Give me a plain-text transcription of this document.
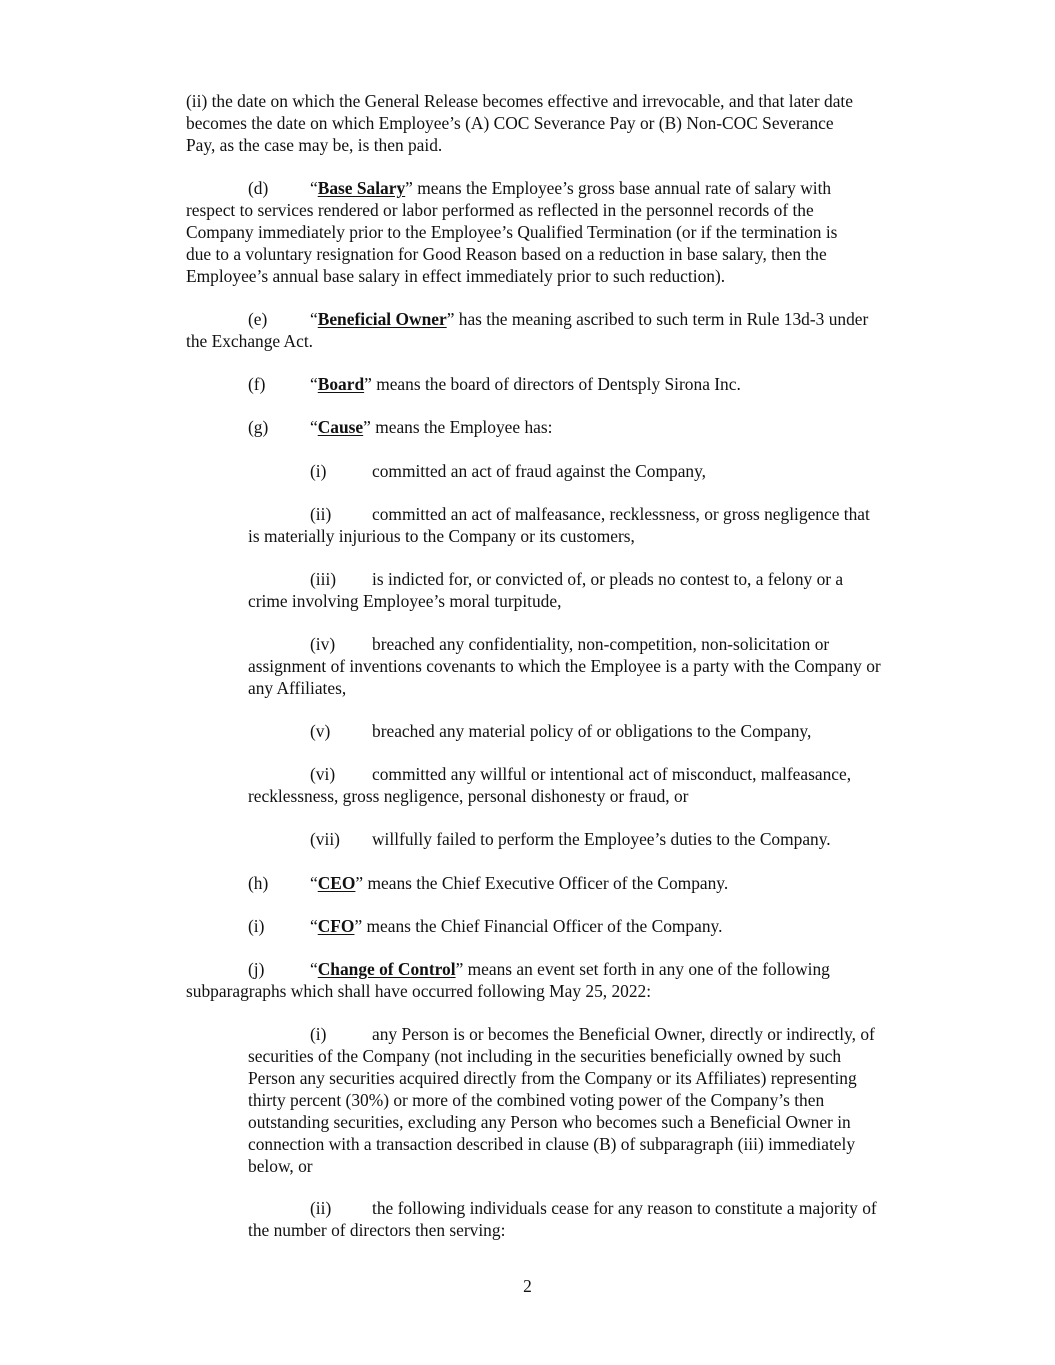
(ii) the date on which the General Release becomes effective and irrevocable, and that later date
becomes the date on which Employee’s (A) COC Severance Pay or (B) Non-COC Severance
Pay, as the case may be, is then paid.
(d) “Base Salary” means the Employee’s gross base annual rate of salary with
respect to services rendered or labor performed as reflected in the personnel records of the
Company immediately prior to the Employee’s Qualified Termination (or if the termination is
due to a voluntary resignation for Good Reason based on a reduction in base salary, then the
Employee’s annual base salary in effect immediately prior to such reduction).
(e) “Beneficial Owner” has the meaning ascribed to such term in Rule 13d-3 under
the Exchange Act.
(f)	“Board” means the board of directors of Dentsply Sirona Inc.
(g) “Cause” means the Employee has:
(i)	committed an act of fraud against the Company,
(ii) committed an act of malfeasance, recklessness, or gross negligence that
is materially injurious to the Company or its customers,
(iii) is indicted for, or convicted of, or pleads no contest to, a felony or a
crime involving Employee’s moral turpitude,
(iv) breached any confidentiality, non-competition, non-solicitation or
assignment of inventions covenants to which the Employee is a party with the Company or
any Affiliates,
(v) breached any material policy of or obligations to the Company,
(vi) committed any willful or intentional act of misconduct, malfeasance,
recklessness, gross negligence, personal dishonesty or fraud, or
(vii) willfully failed to perform the Employee’s duties to the Company.
(h) “CEO” means the Chief Executive Officer of the Company.
(i)	“CFO” means the Chief Financial Officer of the Company.
(j)	“Change of Control” means an event set forth in any one of the following
subparagraphs which shall have occurred following May 25, 2022:
(i)	any Person is or becomes the Beneficial Owner, directly or indirectly, of
securities of the Company (not including in the securities beneficially owned by such
Person any securities acquired directly from the Company or its Affiliates) representing
thirty percent (30%) or more of the combined voting power of the Company’s then
outstanding securities, excluding any Person who becomes such a Beneficial Owner in
connection with a transaction described in clause (B) of subparagraph (iii) immediately
below, or
(ii) the following individuals cease for any reason to constitute a majority of
the number of directors then serving:
2
